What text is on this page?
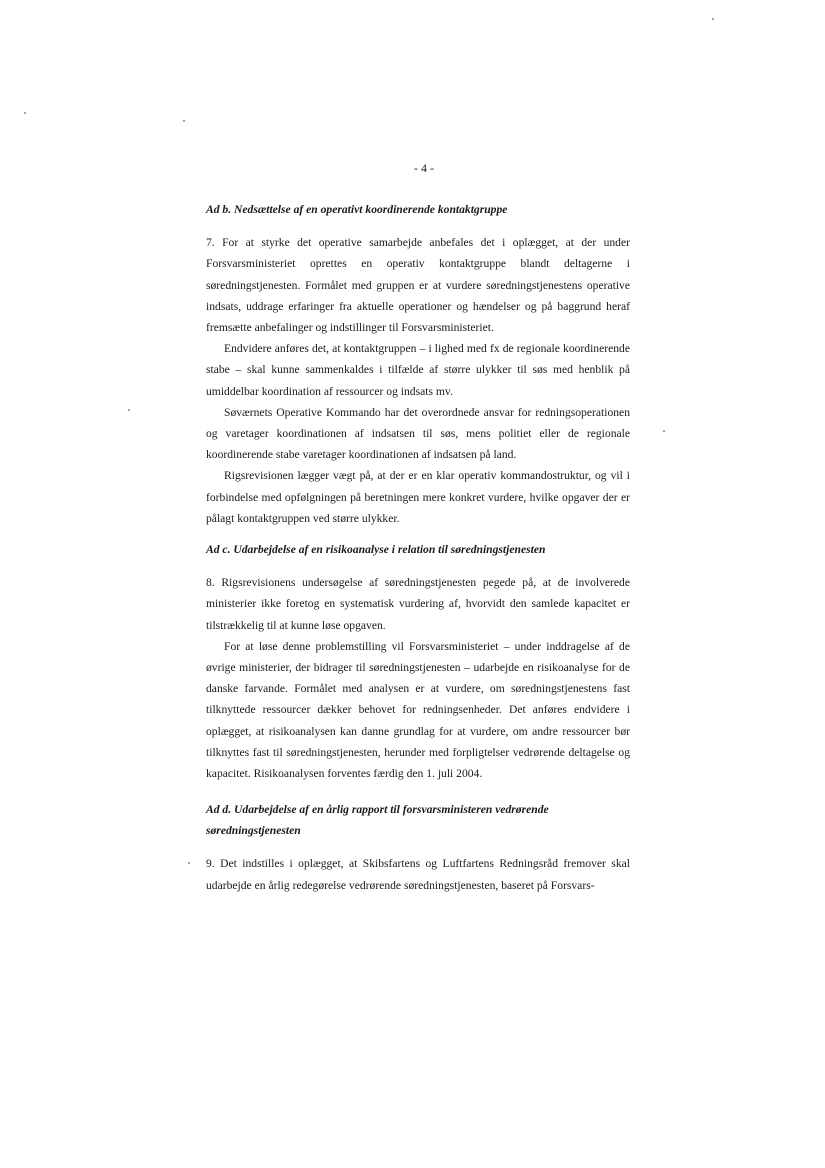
- 4 -
Ad b. Nedsættelse af en operativt koordinerende kontaktgruppe

7. For at styrke det operative samarbejde anbefales det i oplægget, at der under Forsvarsministeriet oprettes en operativ kontaktgruppe blandt deltagerne i søredningstjenesten. Formålet med gruppen er at vurdere søredningstjenestens operative indsats, uddrage erfaringer fra aktuelle operationer og hændelser og på baggrund heraf fremsætte anbefalinger og indstillinger til Forsvarsministeriet.

Endvidere anføres det, at kontaktgruppen – i lighed med fx de regionale koordinerende stabe – skal kunne sammenkaldes i tilfælde af større ulykker til søs med henblik på umiddelbar koordination af ressourcer og indsats mv.

Søværnets Operative Kommando har det overordnede ansvar for redningsoperationen og varetager koordinationen af indsatsen til søs, mens politiet eller de regionale koordinerende stabe varetager koordinationen af indsatsen på land.

Rigsrevisionen lægger vægt på, at der er en klar operativ kommandostruktur, og vil i forbindelse med opfølgningen på beretningen mere konkret vurdere, hvilke opgaver der er pålagt kontaktgruppen ved større ulykker.

Ad c. Udarbejdelse af en risikoanalyse i relation til søredningstjenesten

8. Rigsrevisionens undersøgelse af søredningstjenesten pegede på, at de involverede ministerier ikke foretog en systematisk vurdering af, hvorvidt den samlede kapacitet er tilstrækkelig til at kunne løse opgaven.

For at løse denne problemstilling vil Forsvarsministeriet – under inddragelse af de øvrige ministerier, der bidrager til søredningstjenesten – udarbejde en risikoanalyse for de danske farvande. Formålet med analysen er at vurdere, om søredningstjenestens fast tilknyttede ressourcer dækker behovet for redningsenheder. Det anføres endvidere i oplægget, at risikoanalysen kan danne grundlag for at vurdere, om andre ressourcer bør tilknyttes fast til søredningstjenesten, herunder med forpligtelser vedrørende deltagelse og kapacitet. Risikoanalysen forventes færdig den 1. juli 2004.

Ad d. Udarbejdelse af en årlig rapport til forsvarsministeren vedrørende søredningstjenesten

9. Det indstilles i oplægget, at Skibsfartens og Luftfartens Redningsråd fremover skal udarbejde en årlig redegørelse vedrørende søredningstjenesten, baseret på Forsvars-
